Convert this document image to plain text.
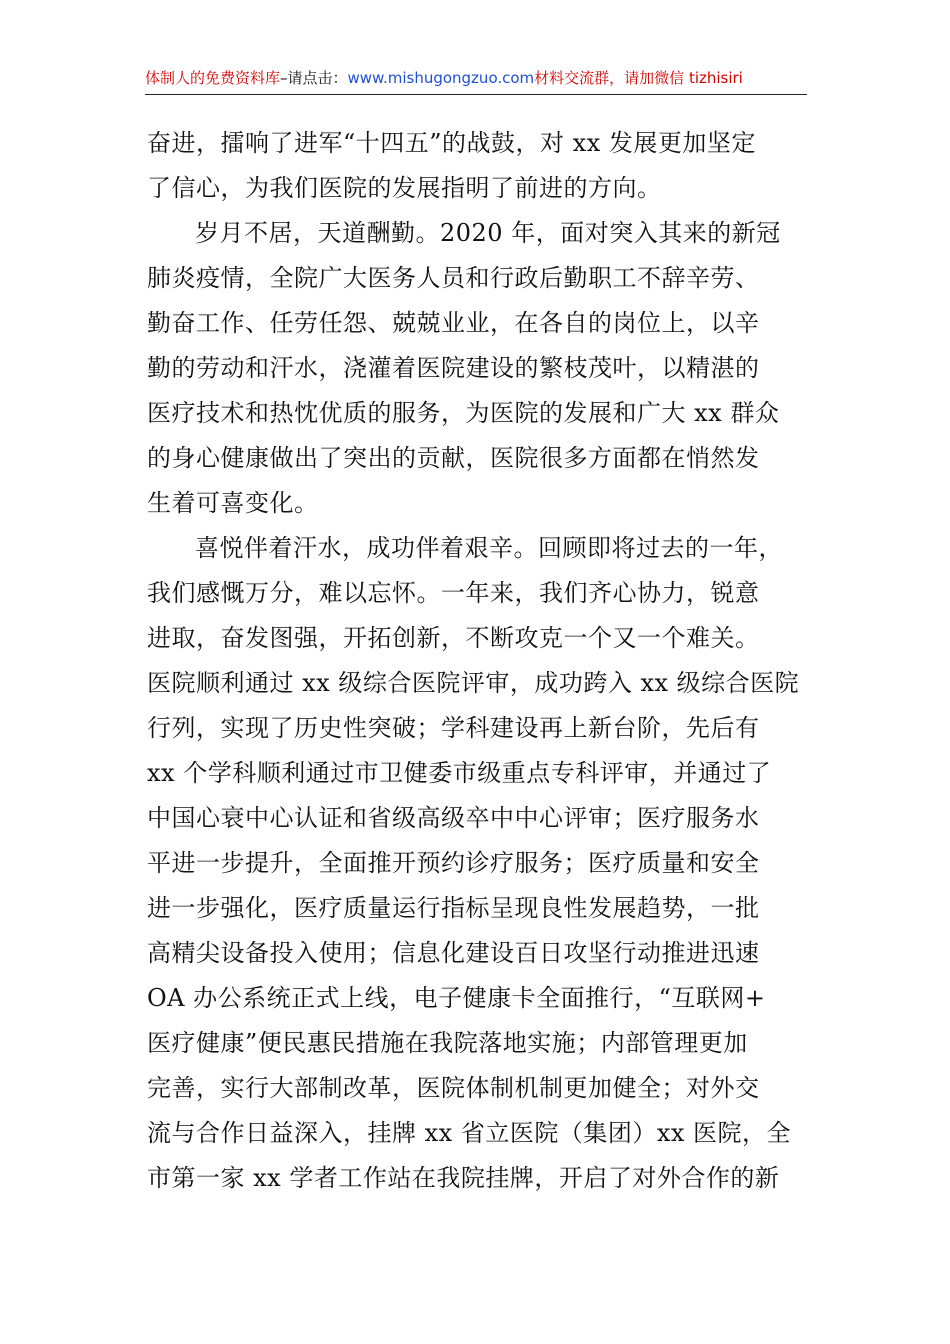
体制人的免费资料库–请点击：www.mishugongzuo.com材料交流群，请加微信 tizhisiri
奋进，擂响了进军“十四五”的战鼓，对 xx 发展更加坚定
了信心，为我们医院的发展指明了前进的方向。
岁月不居，天道酬勤。2020 年，面对突入其来的新冠
肺炎疫情，全院广大医务人员和行政后勤职工不辞辛劳、
勤奋工作、任劳任怨、兢兢业业，在各自的岗位上，以辛
勤的劳动和汗水，浇灌着医院建设的繁枝茂叶，以精湛的
医疗技术和热忱优质的服务，为医院的发展和广大 xx 群众
的身心健康做出了突出的贡献，医院很多方面都在悄然发
生着可喜变化。
喜悦伴着汗水，成功伴着艰辛。回顾即将过去的一年，
我们感慨万分，难以忘怀。一年来，我们齐心协力，锐意
进取，奋发图强，开拓创新，不断攻克一个又一个难关。
医院顺利通过 xx 级综合医院评审，成功跨入 xx 级综合医院
行列，实现了历史性突破；学科建设再上新台阶，先后有
xx 个学科顺利通过市卫健委市级重点专科评审，并通过了
中国心衰中心认证和省级高级卒中中心评审；医疗服务水
平进一步提升，全面推开预约诊疗服务；医疗质量和安全
进一步强化，医疗质量运行指标呈现良性发展趋势，一批
高精尖设备投入使用；信息化建设百日攻坚行动推进迅速
OA 办公系统正式上线，电子健康卡全面推行，“互联网+
医疗健康”便民惠民措施在我院落地实施；内部管理更加
完善，实行大部制改革，医院体制机制更加健全；对外交
流与合作日益深入，挂牌 xx 省立医院（集团）xx 医院，全
市第一家 xx 学者工作站在我院挂牌，开启了对外合作的新
